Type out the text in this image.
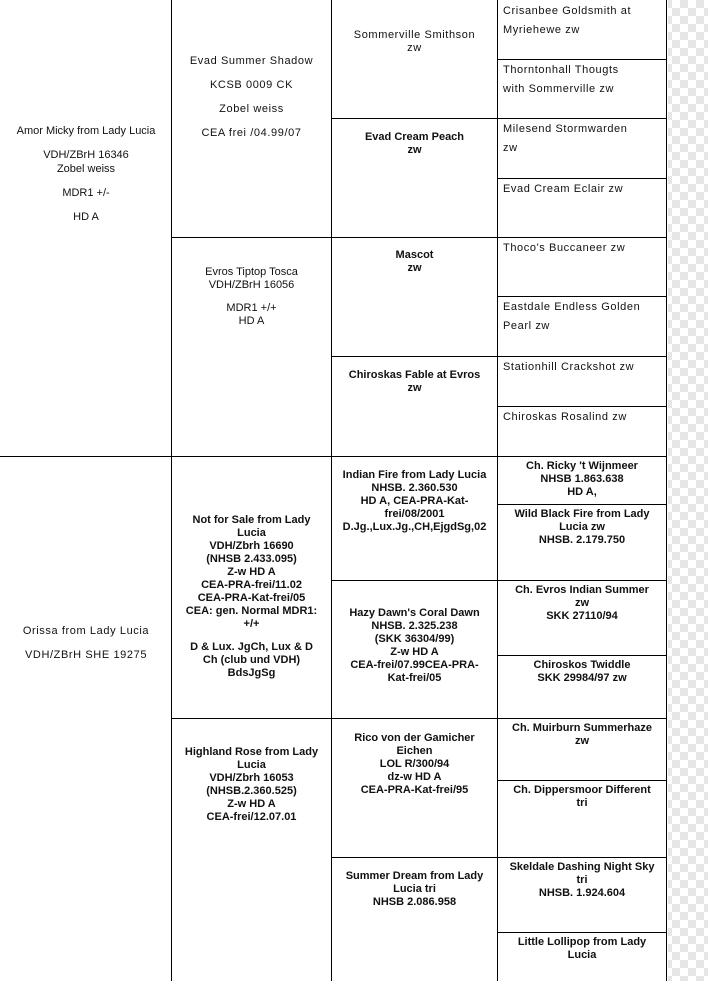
Amor Micky from Lady Lucia
VDH/ZBrH 16346
Zobel weiss
MDR1 +/-
HD A
Orissa from Lady Lucia
VDH/ZBrH SHE 19275
Evad Summer Shadow
KCSB 0009 CK
Zobel weiss
CEA frei /04.99/07
Evros Tiptop Tosca
VDH/ZBrH 16056
MDR1 +/+
HD A
Not for Sale from Lady
Lucia
VDH/Zbrh 16690
(NHSB 2.433.095)
Z-w HD A
CEA-PRA-frei/11.02
CEA-PRA-Kat-frei/05
CEA: gen. Normal MDR1:
+/+
D & Lux. JgCh, Lux & D
Ch (club und VDH)
BdsJgSg
Highland Rose from Lady
Lucia
VDH/Zbrh 16053
(NHSB.2.360.525)
Z-w HD A
CEA-frei/12.07.01
Sommerville Smithson
zw
Evad Cream Peach
zw
Mascot
zw
Chiroskas Fable at Evros
zw
Indian Fire from Lady Lucia
NHSB. 2.360.530
HD A, CEA-PRA-Kat-
frei/08/2001
D.Jg.,Lux.Jg.,CH,EjgdSg,02
Hazy Dawn's Coral Dawn
NHSB. 2.325.238
(SKK 36304/99)
Z-w HD A
CEA-frei/07.99CEA-PRA-
Kat-frei/05
Rico von der Gamicher
Eichen
LOL R/300/94
dz-w HD A
CEA-PRA-Kat-frei/95
Summer Dream from Lady
Lucia tri
NHSB 2.086.958
Crisanbee Goldsmith at
Myriehewe zw
Thorntonhall Thougts
with Sommerville zw
Milesend Stormwarden
zw
Evad Cream Eclair zw
Thoco's Buccaneer zw
Eastdale Endless Golden
Pearl zw
Stationhill Crackshot zw
Chiroskas Rosalind zw
Ch. Ricky 't Wijnmeer
NHSB 1.863.638
HD A,
Wild Black Fire from Lady
Lucia zw
NHSB. 2.179.750
Ch. Evros Indian Summer
zw
SKK 27110/94
Chiroskos Twiddle
SKK 29984/97 zw
Ch. Muirburn Summerhaze
zw
Ch. Dippersmoor Different
tri
Skeldale Dashing Night Sky
tri
NHSB. 1.924.604
Little Lollipop from Lady
Lucia
